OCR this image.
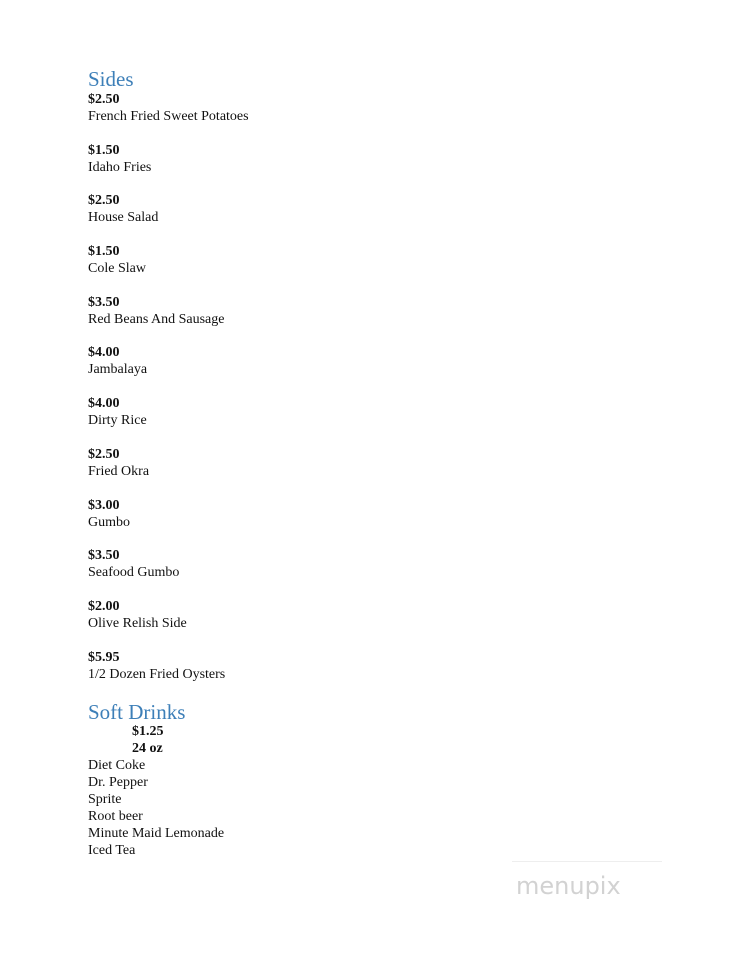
Sides
$2.50
French Fried Sweet Potatoes
$1.50
Idaho Fries
$2.50
House Salad
$1.50
Cole Slaw
$3.50
Red Beans And Sausage
$4.00
Jambalaya
$4.00
Dirty Rice
$2.50
Fried Okra
$3.00
Gumbo
$3.50
Seafood Gumbo
$2.00
Olive Relish Side
$5.95
1/2 Dozen Fried Oysters
Soft Drinks
$1.25
24 oz
Diet Coke
Dr. Pepper
Sprite
Root beer
Minute Maid Lemonade
Iced Tea
menupix
